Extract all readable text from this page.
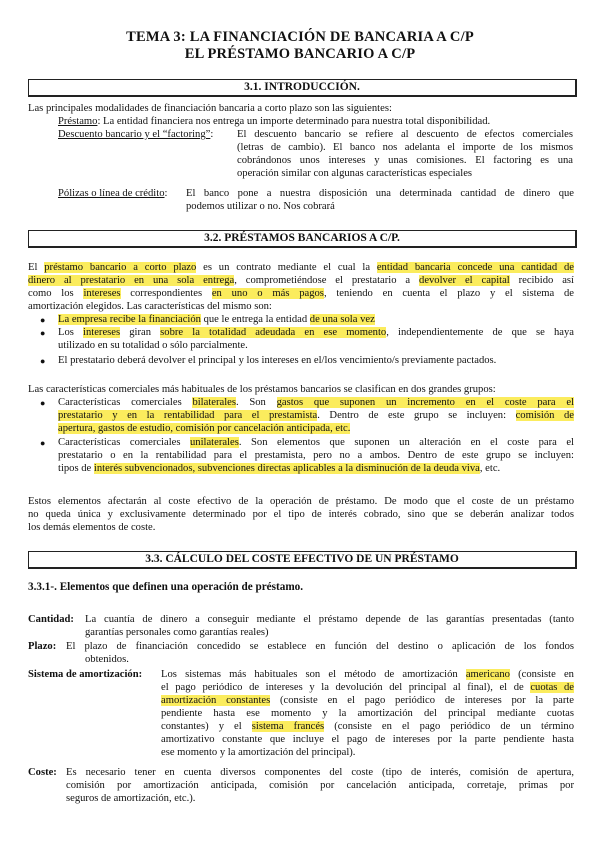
TEMA 3: LA FINANCIACIÓN DE BANCARIA A C/P
EL PRÉSTAMO BANCARIO A C/P
3.1. INTRODUCCIÓN.
Las principales modalidades de financiación bancaria a corto plazo son las siguientes:
Préstamo: La entidad financiera nos entrega un importe determinado para nuestra total disponibilidad.
Descuento bancario y el “factoring”: El descuento bancario se refiere al descuento de efectos comerciales
(letras de cambio). El banco nos adelanta el importe de los mismos
cobrándonos unos intereses y unas comisiones. El factoring es una
operación similar con algunas características especiales
Pólizas o línea de crédito: El banco pone a nuestra disposición una determinada cantidad de dinero que
podemos utilizar o no. Nos cobrará
3.2. PRÉSTAMOS BANCARIOS A C/P.
El préstamo bancario a corto plazo es un contrato mediante el cual la entidad bancaria concede una cantidad de
dinero al prestatario en una sola entrega, comprometiéndose el prestatario a devolver el capital recibido así
como los intereses correspondientes en uno o más pagos, teniendo en cuenta el plazo y el sistema de
amortización elegidos. Las características del mismo son:
● La empresa recibe la financiación que le entrega la entidad de una sola vez
● Los intereses giran sobre la totalidad adeudada en ese momento, independientemente de que se haya
utilizado en su totalidad o sólo parcialmente.
● El prestatario deberá devolver el principal y los intereses en el/los vencimiento/s previamente pactados.
Las características comerciales más habituales de los préstamos bancarios se clasifican en dos grandes grupos:
● Características comerciales bilaterales. Son gastos que suponen un incremento en el coste para el
prestatario y en la rentabilidad para el prestamista. Dentro de este grupo se incluyen: comisión de
apertura, gastos de estudio, comisión por cancelación anticipada, etc.
● Características comerciales unilaterales. Son elementos que suponen un alteración en el coste para el
prestatario o en la rentabilidad para el prestamista, pero no a ambos. Dentro de este grupo se incluyen:
tipos de interés subvencionados, subvenciones directas aplicables a la disminución de la deuda viva, etc.
Estos elementos afectarán al coste efectivo de la operación de préstamo. De modo que el coste de un préstamo
no queda única y exclusivamente determinado por el tipo de interés cobrado, sino que se deberán analizar todos
los demás elementos de coste.
3.3. CÁLCULO DEL COSTE EFECTIVO DE UN PRÉSTAMO
3.3.1-. Elementos que definen una operación de préstamo.
Cantidad: La cuantía de dinero a conseguir mediante el préstamo depende de las garantías presentadas (tanto
garantías personales como garantías reales)
Plazo: El plazo de financiación concedido se establece en función del destino o aplicación de los fondos
obtenidos.
Sistema de amortización: Los sistemas más habituales son el método de amortización americano (consiste en
el pago periódico de intereses y la devolución del principal al final), el de cuotas de
amortización constantes (consiste en el pago periódico de intereses por la parte
pendiente hasta ese momento y la amortización del principal mediante cuotas
constantes) y el sistema francés (consiste en el pago periódico de un término
amortizativo constante que incluye el pago de intereses por la parte pendiente hasta
ese momento y la amortización del principal).
Coste: Es necesario tener en cuenta diversos componentes del coste (tipo de interés, comisión de apertura,
comisión por amortización anticipada, comisión por cancelación anticipada, corretaje, primas por
seguros de amortización, etc.).
